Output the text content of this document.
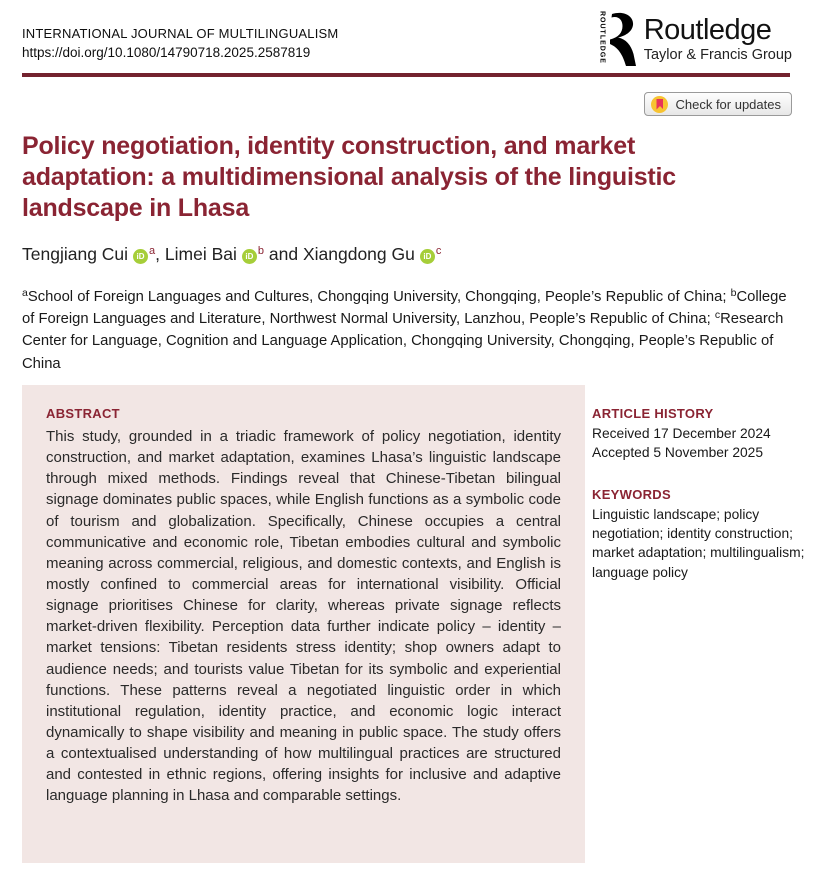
INTERNATIONAL JOURNAL OF MULTILINGUALISM
https://doi.org/10.1080/14790718.2025.2587819	ROUTLEDGE Routledge
Taylor & Francis Group
Check for updates
Policy negotiation, identity construction, and market adaptation: a multidimensional analysis of the linguistic landscape in Lhasa
Tengjiang Cui iD $^a$, Limei Bai iD $^b$ and Xiangdong Gu iD $^c$
$^a$School of Foreign Languages and Cultures, Chongqing University, Chongqing, People’s Republic of China; $^b$College of Foreign Languages and Literature, Northwest Normal University, Lanzhou, People’s Republic of China; $^c$Research Center for Language, Cognition and Language Application, Chongqing University, Chongqing, People’s Republic of China
ABSTRACT
This study, grounded in a triadic framework of policy negotiation, identity construction, and market adaptation, examines Lhasa’s linguistic landscape through mixed methods. Findings reveal that Chinese-Tibetan bilingual signage dominates public spaces, while English functions as a symbolic code of tourism and globalization. Specifically, Chinese occupies a central communicative and economic role, Tibetan embodies cultural and symbolic meaning across commercial, religious, and domestic contexts, and English is mostly confined to commercial areas for international visibility. Official signage prioritises Chinese for clarity, whereas private signage reflects market-driven flexibility. Perception data further indicate policy – identity – market tensions: Tibetan residents stress identity; shop owners adapt to audience needs; and tourists value Tibetan for its symbolic and experiential functions. These patterns reveal a negotiated linguistic order in which institutional regulation, identity practice, and economic logic interact dynamically to shape visibility and meaning in public space. The study offers a contextualised understanding of how multilingual practices are structured and contested in ethnic regions, offering insights for inclusive and adaptive language planning in Lhasa and comparable settings.
ARTICLE HISTORY
Received 17 December 2024
Accepted 5 November 2025
KEYWORDS
Linguistic landscape; policy negotiation; identity construction; market adaptation; multilingualism; language policy
